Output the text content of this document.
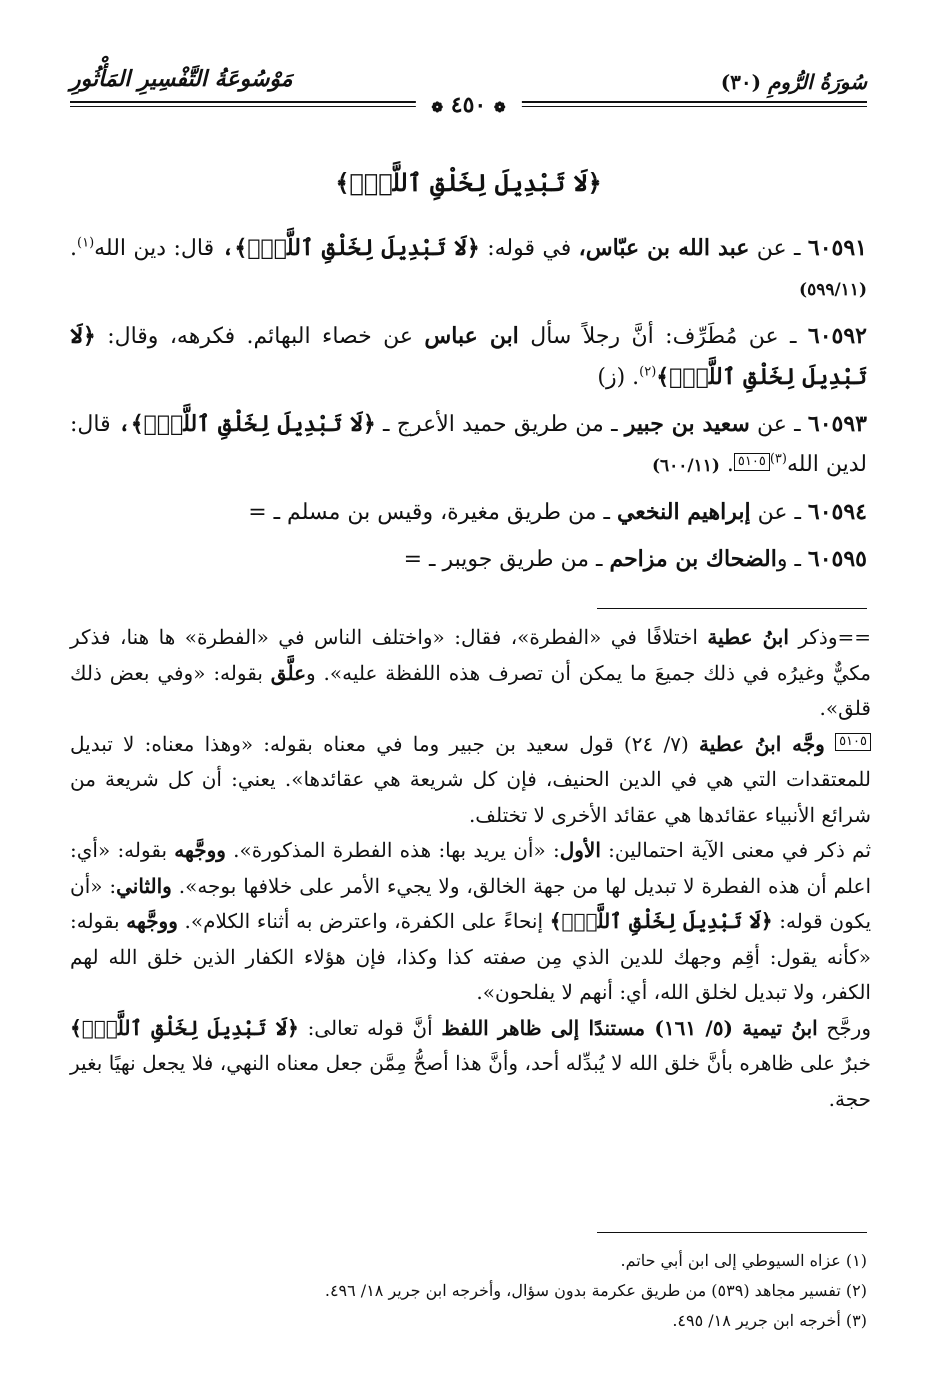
سُورَةُ الرُّومِ (٣٠)
مَوْسُوعَةُ التَّفْسِيرِ المَأْثُورِ
❁ ٤٥٠ ❁
﴿لَا تَبْدِيلَ لِخَلْقِ ٱللَّهِۚ﴾

٦٠٥٩١ ـ عن عبد الله بن عبّاس، في قوله: ﴿لَا تَبْدِيلَ لِخَلْقِ ٱللَّهِۚ﴾، قال: دين الله$^{(١)}$. (٥٩٩/١١)

٦٠٥٩٢ ـ عن مُطَرِّف: أنَّ رجلاً سأل ابن عباس عن خصاء البهائم. فكرهه، وقال: ﴿لَا تَبْدِيلَ لِخَلْقِ ٱللَّهِۚ﴾$^{(٢)}$. (ز)

٦٠٥٩٣ ـ عن سعيد بن جبير ـ من طريق حميد الأعرج ـ ﴿لَا تَبْدِيلَ لِخَلْقِ ٱللَّهِۚ﴾، قال: لدين الله$^{(٣)}$٥١٠٥. (٦٠٠/١١)

٦٠٥٩٤ ـ عن إبراهيم النخعي ـ من طريق مغيرة، وقيس بن مسلم ـ =

٦٠٥٩٥ ـ والضحاك بن مزاحم ـ من طريق جويبر ـ =

==وذكر ابنُ عطية اختلافًا في «الفطرة»، فقال: «واختلف الناس في «الفطرة» ها هنا، فذكر مكيٌّ وغيرُه في ذلك جميعَ ما يمكن أن تصرف هذه اللفظة عليه». وعلَّق بقوله: «وفي بعض ذلك قلق».

٥١٠٥ وجَّه ابنُ عطية (٧/ ٢٤) قول سعيد بن جبير وما في معناه بقوله: «وهذا معناه: لا تبديل للمعتقدات التي هي في الدين الحنيف، فإن كل شريعة هي عقائدها». يعني: أن كل شريعة من شرائع الأنبياء عقائدها هي عقائد الأخرى لا تختلف.

ثم ذكر في معنى الآية احتمالين: الأول: «أن يريد بها: هذه الفطرة المذكورة». ووجَّهه بقوله: «أي: اعلم أن هذه الفطرة لا تبديل لها من جهة الخالق، ولا يجيء الأمر على خلافها بوجه». والثاني: «أن يكون قوله: ﴿لَا تَبْدِيلَ لِخَلْقِ ٱللَّهِۚ﴾ إنحاءً على الكفرة، واعترض به أثناء الكلام». ووجَّهه بقوله: «كأنه يقول: أقِم وجهك للدين الذي مِن صفته كذا وكذا، فإن هؤلاء الكفار الذين خلق الله لهم الكفر، ولا تبديل لخلق الله، أي: أنهم لا يفلحون».

ورجَّح ابنُ تيمية (٥/ ١٦١) مستندًا إلى ظاهر اللفظ أنَّ قوله تعالى: ﴿لَا تَبْدِيلَ لِخَلْقِ ٱللَّهِۚ﴾ خبرٌ على ظاهره بأنَّ خلق الله لا يُبدِّله أحد، وأنَّ هذا أصحُّ مِمَّن جعل معناه النهي، فلا يجعل نهيًا بغير حجة.

(١) عزاه السيوطي إلى ابن أبي حاتم.

(٢) تفسير مجاهد (٥٣٩) من طريق عكرمة بدون سؤال، وأخرجه ابن جرير ١٨/ ٤٩٦.

(٣) أخرجه ابن جرير ١٨/ ٤٩٥.
